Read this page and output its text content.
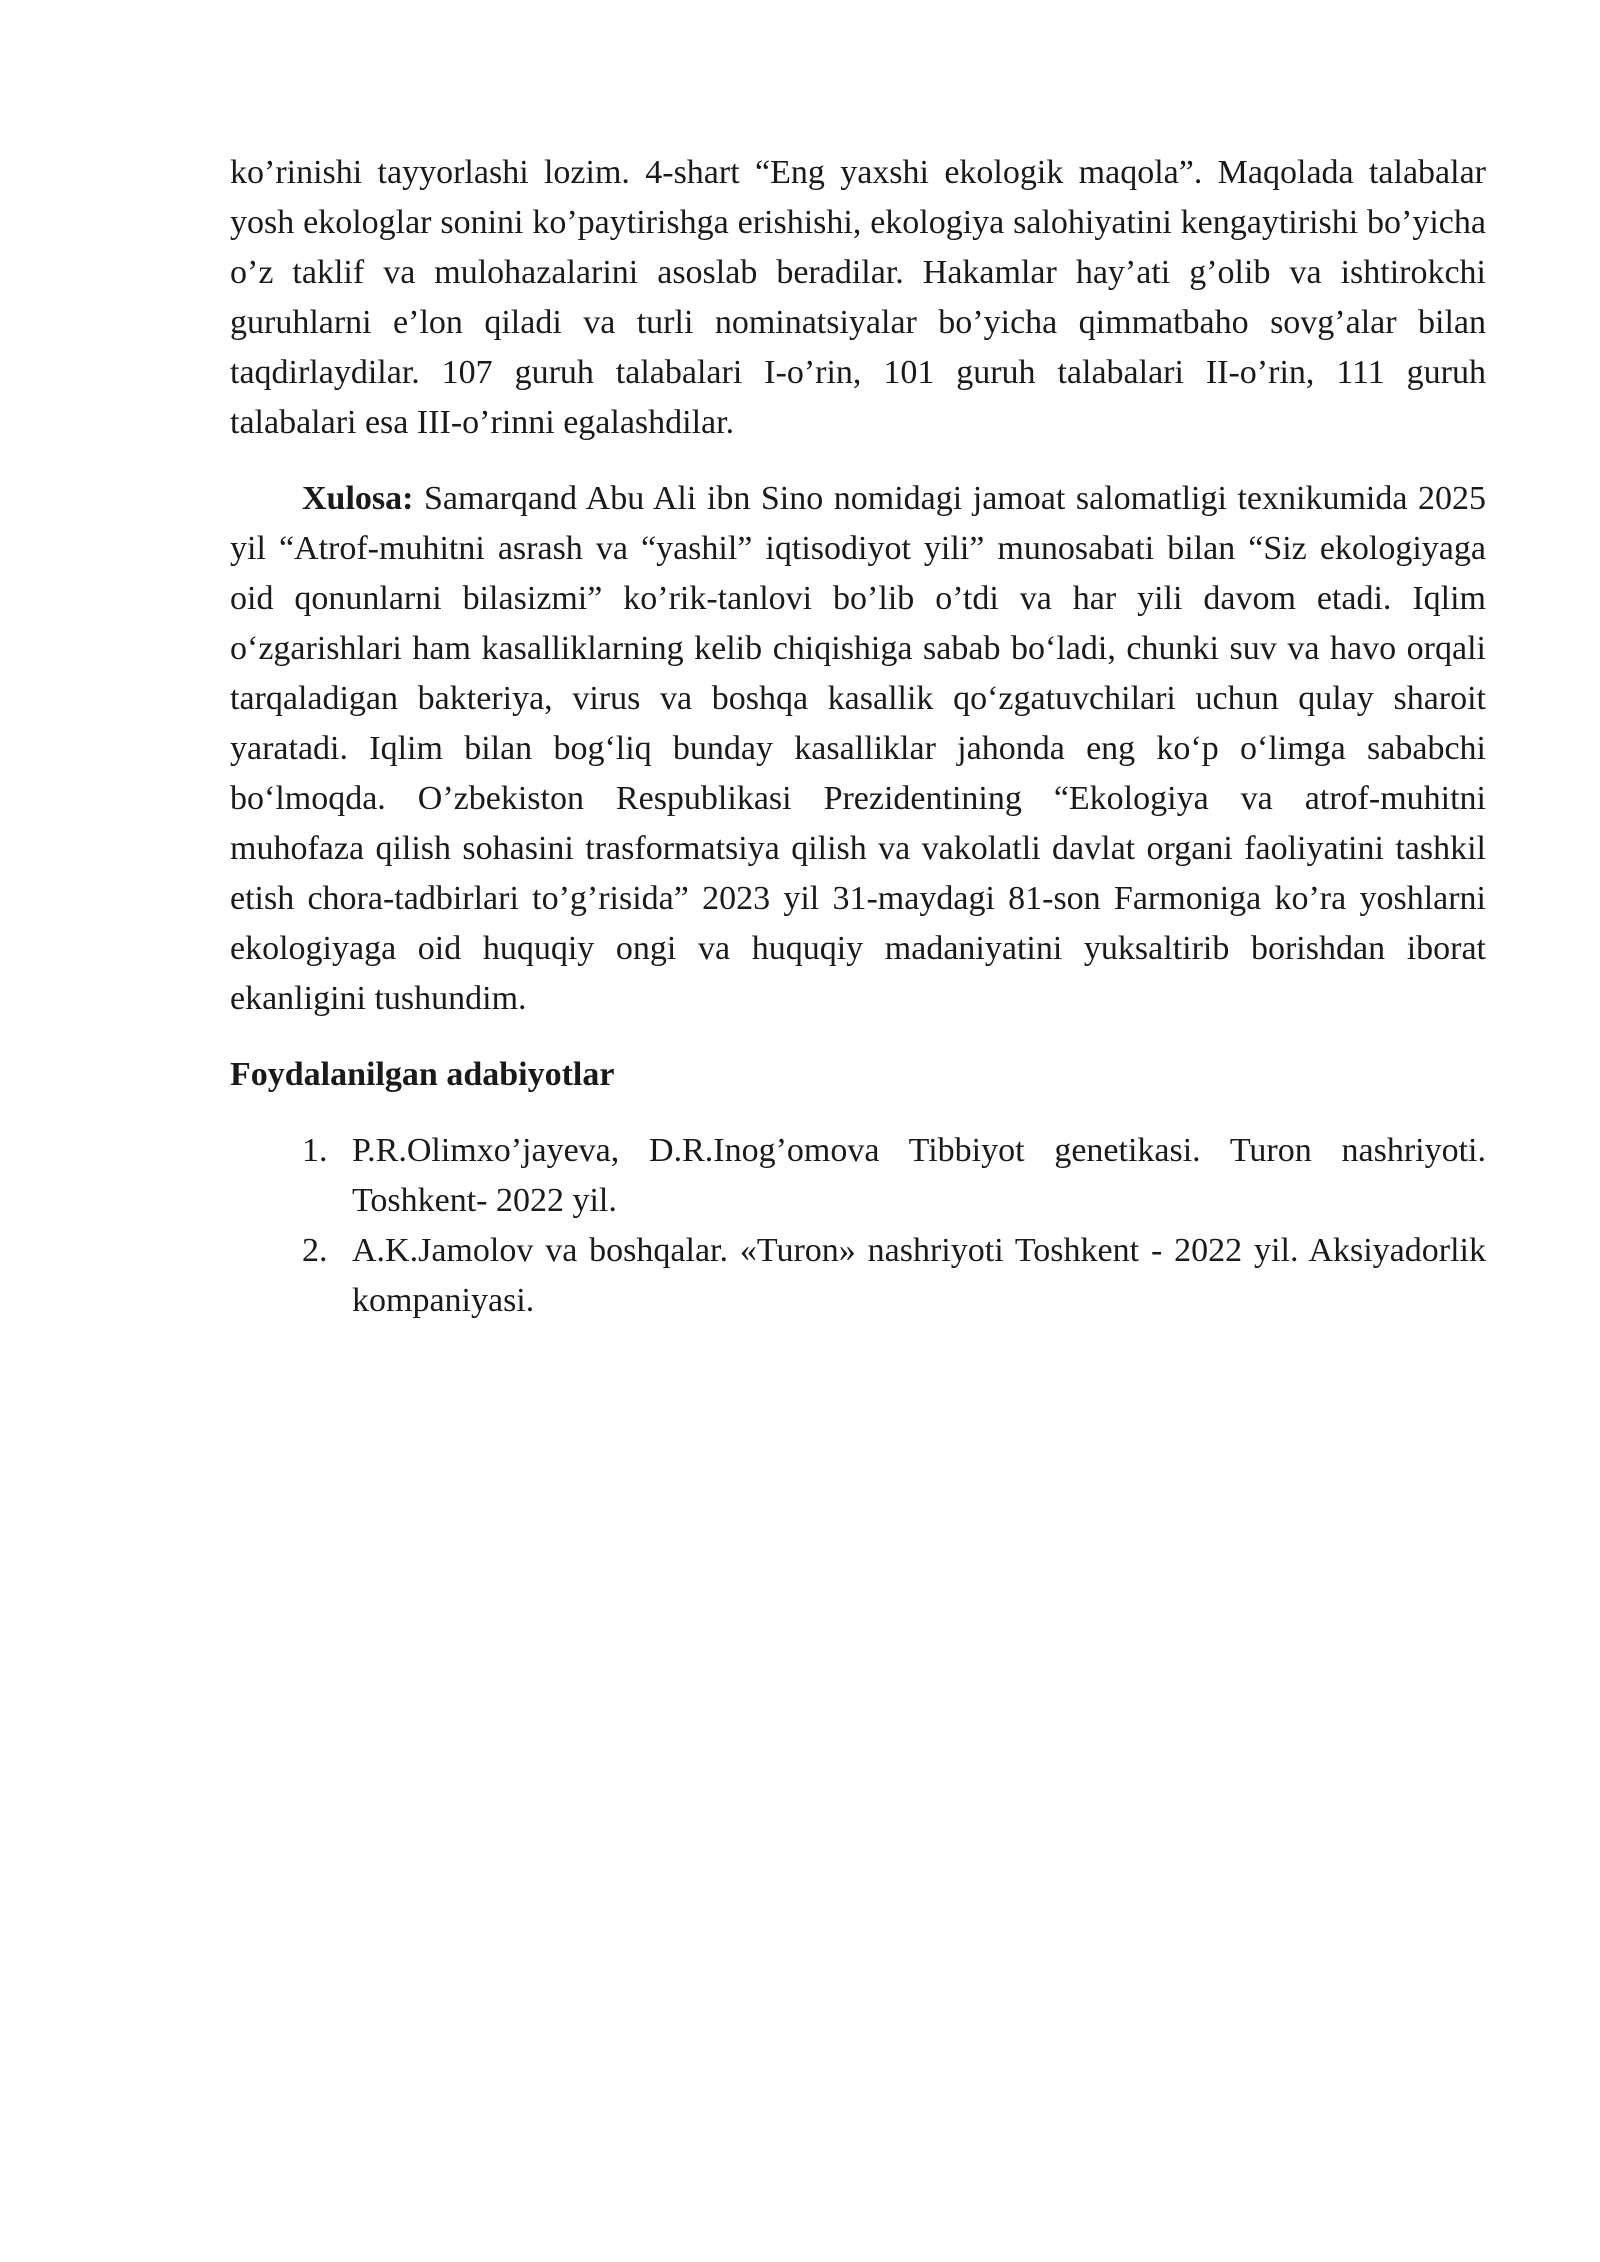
ko’rinishi tayyorlashi lozim. 4-shart “Eng yaxshi ekologik maqola”. Maqolada talabalar yosh ekologlar sonini ko’paytirishga erishishi, ekologiya salohiyatini kengaytirishi bo’yicha o’z taklif va mulohazalarini asoslab beradilar. Hakamlar hay’ati g’olib va ishtirokchi guruhlarni e’lon qiladi va turli nominatsiyalar bo’yicha qimmatbaho sovg’alar bilan taqdirlaydilar. 107 guruh talabalari I-o’rin, 101 guruh talabalari II-o’rin, 111 guruh talabalari esa III-o’rinni egalashdilar.

Xulosa: Samarqand Abu Ali ibn Sino nomidagi jamoat salomatligi texnikumida 2025 yil “Atrof-muhitni asrash va “yashil” iqtisodiyot yili” munosabati bilan “Siz ekologiyaga oid qonunlarni bilasizmi” ko’rik-tanlovi bo’lib o’tdi va har yili davom etadi. Iqlim o‘zgarishlari ham kasalliklarning kelib chiqishiga sabab bo‘ladi, chunki suv va havo orqali tarqaladigan bakteriya, virus va boshqa kasallik qo‘zgatuvchilari uchun qulay sharoit yaratadi. Iqlim bilan bog‘liq bunday kasalliklar jahonda eng ko‘p o‘limga sababchi bo‘lmoqda. O’zbekiston Respublikasi Prezidentining “Ekologiya va atrof-muhitni muhofaza qilish sohasini trasformatsiya qilish va vakolatli davlat organi faoliyatini tashkil etish chora-tadbirlari to’g’risida” 2023 yil 31-maydagi 81-son Farmoniga ko’ra yoshlarni ekologiyaga oid huquqiy ongi va huquqiy madaniyatini yuksaltirib borishdan iborat ekanligini tushundim.

Foydalanilgan adabiyotlar

1. P.R.Olimxo’jayeva, D.R.Inog’omova Tibbiyot genetikasi. Turon nashriyoti. Toshkent- 2022 yil.
2. A.K.Jamolov va boshqalar. «Turon» nashriyoti Toshkent - 2022 yil. Aksiyadorlik kompaniyasi.
